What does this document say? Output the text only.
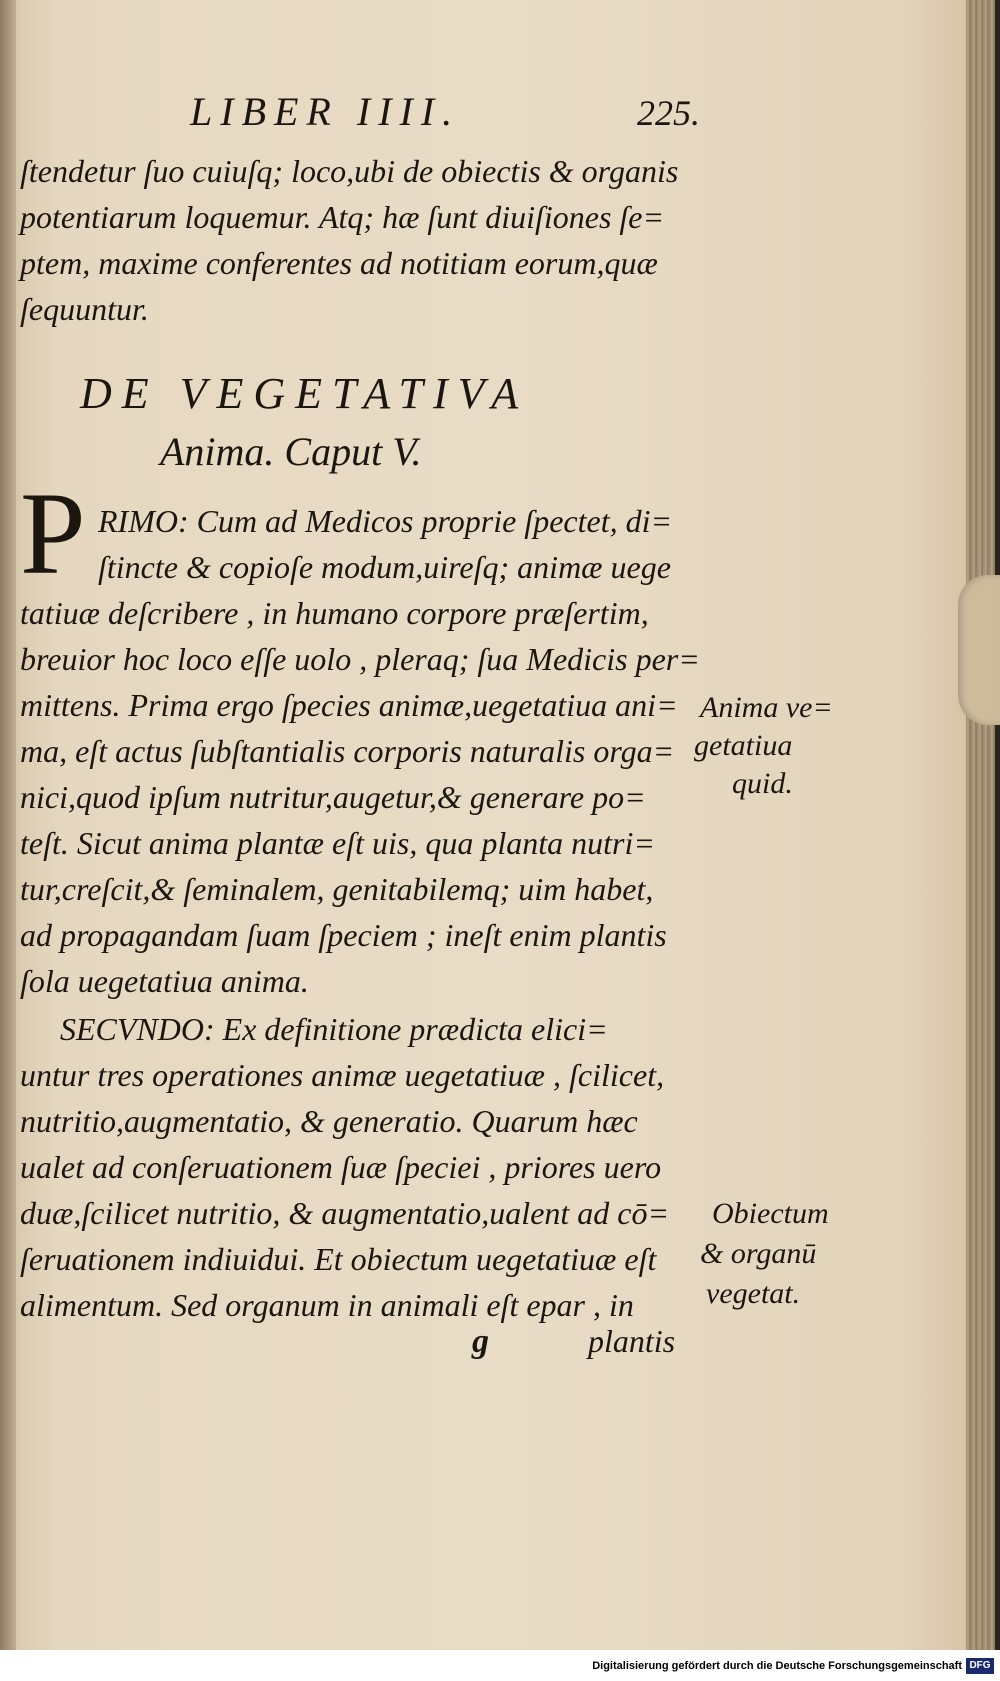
LIBER IIII.	225.
ſtendetur ſuo cuiuſq; loco,ubi de obiectis & organis
potentiarum loquemur. Atq; hæ ſunt diuiſiones ſe=
ptem, maxime conferentes ad notitiam eorum,quæ
ſequuntur.
DE VEGETATIVA
Anima. Caput V.
P RIMO: Cum ad Medicos proprie ſpectet, di=
ſtincte & copioſe modum,uireſq; animæ uege
tatiuæ deſcribere , in humano corpore præſertim,
breuior hoc loco eſſe uolo , pleraq; ſua Medicis per=
mittens. Prima ergo ſpecies animæ,uegetatiua ani=
ma, eſt actus ſubſtantialis corporis naturalis orga=
nici,quod ipſum nutritur,augetur,& generare po=
teſt. Sicut anima plantæ eſt uis, qua planta nutri=
tur,creſcit,& ſeminalem, genitabilemq; uim habet,
ad propagandam ſuam ſpeciem ; ineſt enim plantis
ſola uegetatiua anima.
SECVNDO: Ex definitione prædicta elici=
untur tres operationes animæ uegetatiuæ , ſcilicet,
nutritio,augmentatio, & generatio. Quarum hæc
ualet ad conſeruationem ſuæ ſpeciei , priores uero
duæ,ſcilicet nutritio, & augmentatio,ualent ad cō=
ſeruationem indiuidui. Et obiectum uegetatiuæ eſt
alimentum. Sed organum in animali eſt epar , in
Anima ve=
getatiua
quid.
Obiectum
& organū
vegetat.
g	plantis
Digitalisierung gefördert durch die Deutsche Forschungsgemeinschaft DFG
